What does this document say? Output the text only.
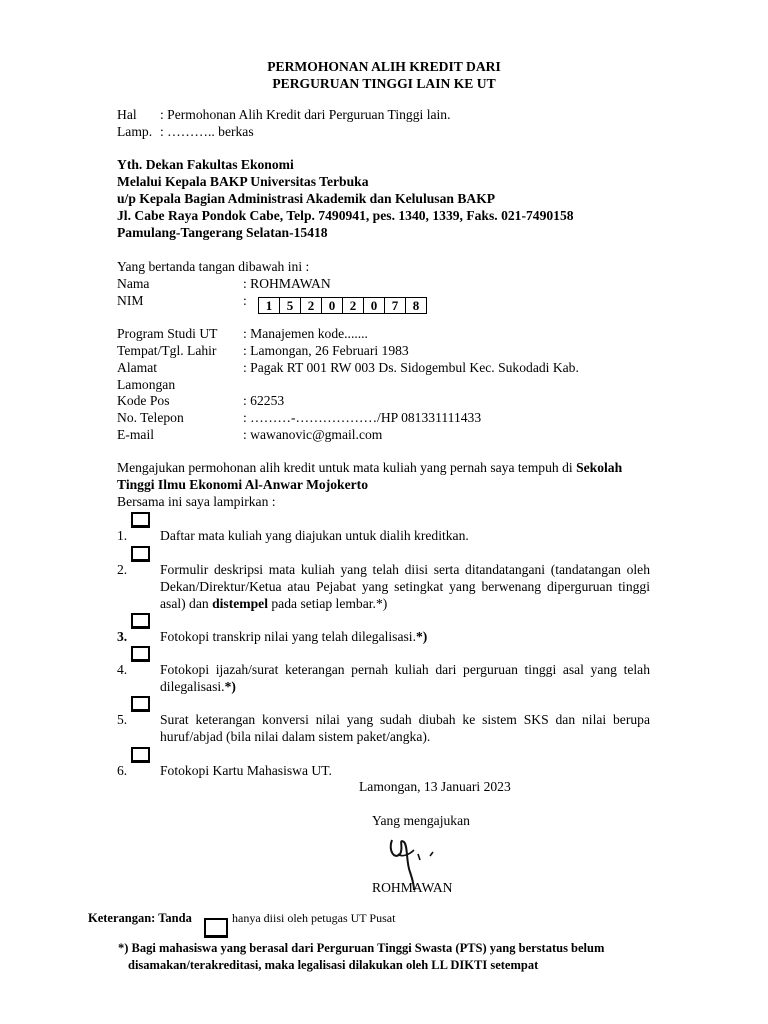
PERMOHONAN ALIH KREDIT DARI
PERGURUAN TINGGI LAIN KE UT
Hal : Permohonan Alih Kredit dari Perguruan Tinggi lain.
Lamp. : ……….. berkas
Yth. Dekan Fakultas Ekonomi
Melalui Kepala BAKP Universitas Terbuka
u/p Kepala Bagian Administrasi Akademik dan Kelulusan BAKP
Jl. Cabe Raya Pondok Cabe, Telp. 7490941, pes. 1340, 1339, Faks. 021-7490158
Pamulang-Tangerang Selatan-15418
Yang bertanda tangan dibawah ini :
Nama	: ROHMAWAN
NIM	:	1	5	2	0	2	0	7	8
Program Studi UT : Manajemen kode.......
Tempat/Tgl. Lahir : Lamongan, 26 Februari 1983
Alamat	: Pagak RT 001 RW 003 Ds. Sidogembul Kec. Sukodadi Kab.
Lamongan
Kode Pos	: 62253
No. Telepon	: ………-………………/HP 081331111433
E-mail	: wawanovic@gmail.com
Mengajukan permohonan alih kredit untuk mata kuliah yang pernah saya tempuh di Sekolah
Tinggi Ilmu Ekonomi Al-Anwar Mojokerto
Bersama ini saya lampirkan :
1. Daftar mata kuliah yang diajukan untuk dialih kreditkan.
2. Formulir deskripsi mata kuliah yang telah diisi serta ditandatangani (tandatangan oleh Dekan/Direktur/Ketua atau Pejabat yang setingkat yang berwenang diperguruan tinggi asal) dan distempel pada setiap lembar.*)
3. Fotokopi transkrip nilai yang telah dilegalisasi.*)
4. Fotokopi ijazah/surat keterangan pernah kuliah dari perguruan tinggi asal yang telah dilegalisasi.*)
5. Surat keterangan konversi nilai yang sudah diubah ke sistem SKS dan nilai berupa huruf/abjad (bila nilai dalam sistem paket/angka).
6. Fotokopi Kartu Mahasiswa UT.
Lamongan, 13 Januari 2023
Yang mengajukan
ROHMAWAN
Keterangan: Tanda	hanya diisi oleh petugas UT Pusat
*) Bagi mahasiswa yang berasal dari Perguruan Tinggi Swasta (PTS) yang berstatus belum
disamakan/terakreditasi, maka legalisasi dilakukan oleh LL DIKTI setempat
